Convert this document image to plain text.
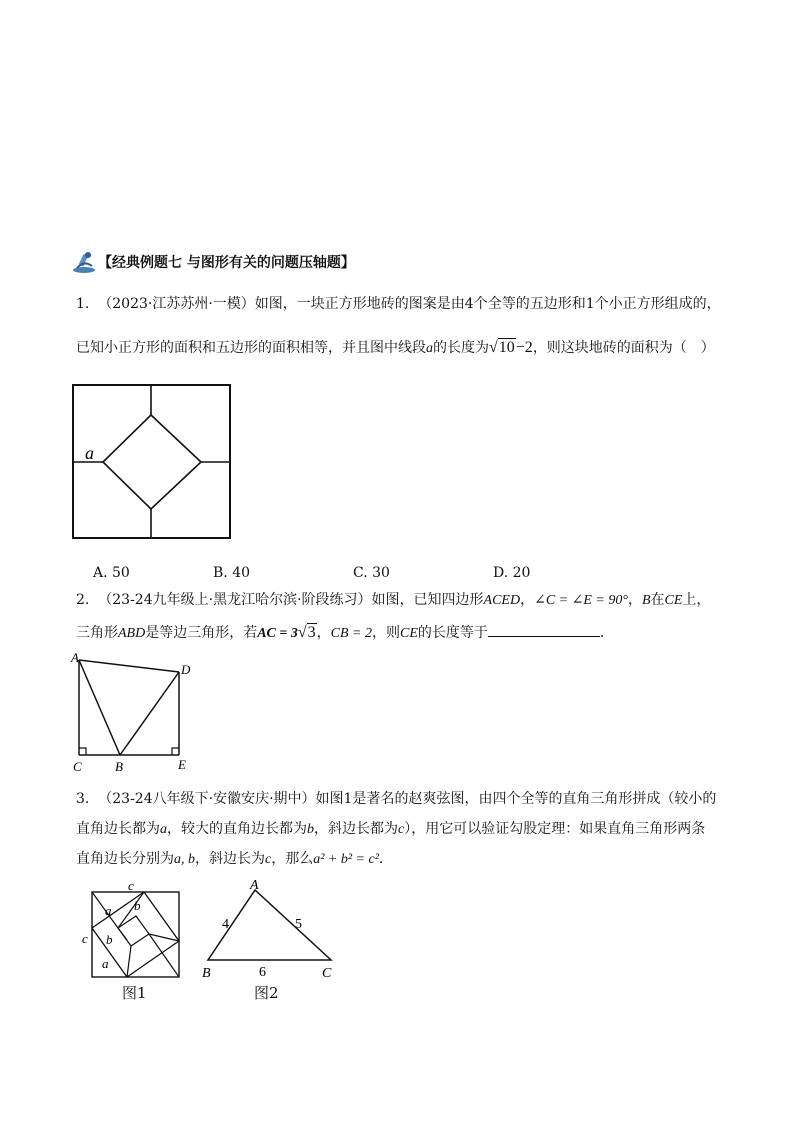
【经典例题七 与图形有关的问题压轴题】
1. （2023·江苏苏州·一模）如图，一块正方形地砖的图案是由4个全等的五边形和1个小正方形组成的，
已知小正方形的面积和五边形的面积相等，并且图中线段a的长度为√10−2，则这块地砖的面积为（　）
a
A. 50	B. 40	C. 30	D. 20
2. （23-24九年级上·黑龙江哈尔滨·阶段练习）如图，已知四边形ACED，∠C = ∠E = 90°，B在CE上，
三角形ABD是等边三角形，若AC = 3√3，CB = 2，则CE的长度等于	.
A
D
C	B	E
3. （23-24八年级下·安徽安庆·期中）如图1是著名的赵爽弦图，由四个全等的直角三角形拼成（较小的
直角边长都为a，较大的直角边长都为b，斜边长都为c），用它可以验证勾股定理：如果直角三角形两条
直角边长分别为a, b，斜边长为c，那么a² + b² = c².
c
c
a b
b
a
图1
A
B	C
4	5
6
图2
